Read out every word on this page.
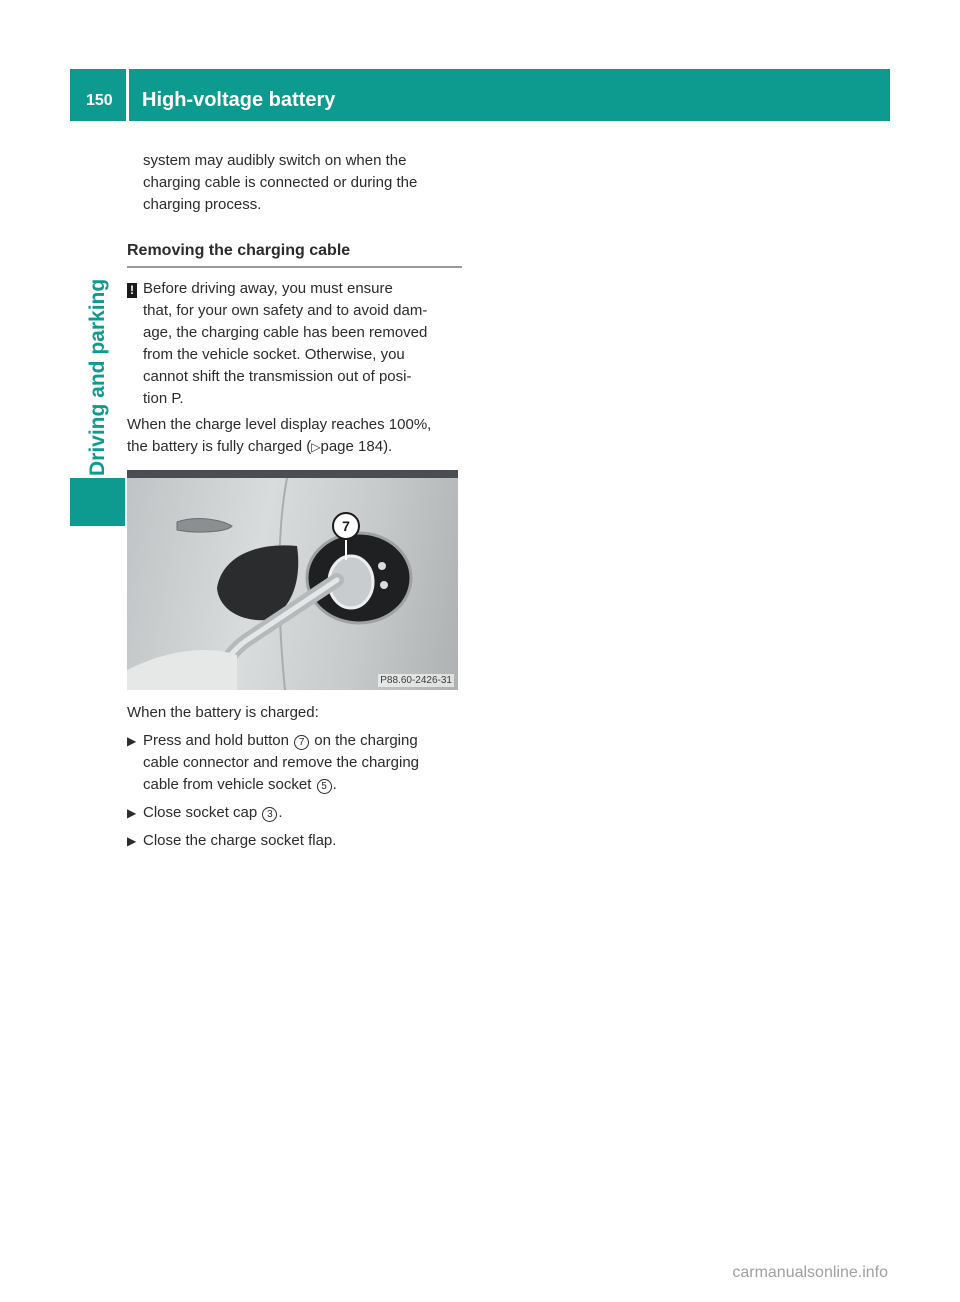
150 High-voltage battery
Driving and parking
system may audibly switch on when the
charging cable is connected or during the
charging process.
Removing the charging cable
! Before driving away, you must ensure
that, for your own safety and to avoid dam-
age, the charging cable has been removed
from the vehicle socket. Otherwise, you
cannot shift the transmission out of posi-
tion P.
When the charge level display reaches 100%,
the battery is fully charged (▷page 184).
7
P88.60-2426-31
When the battery is charged:
▶ Press and hold button 7 on the charging
cable connector and remove the charging
cable from vehicle socket 5 .
▶ Close socket cap 3 .
▶ Close the charge socket flap.
carmanualsonline.info
